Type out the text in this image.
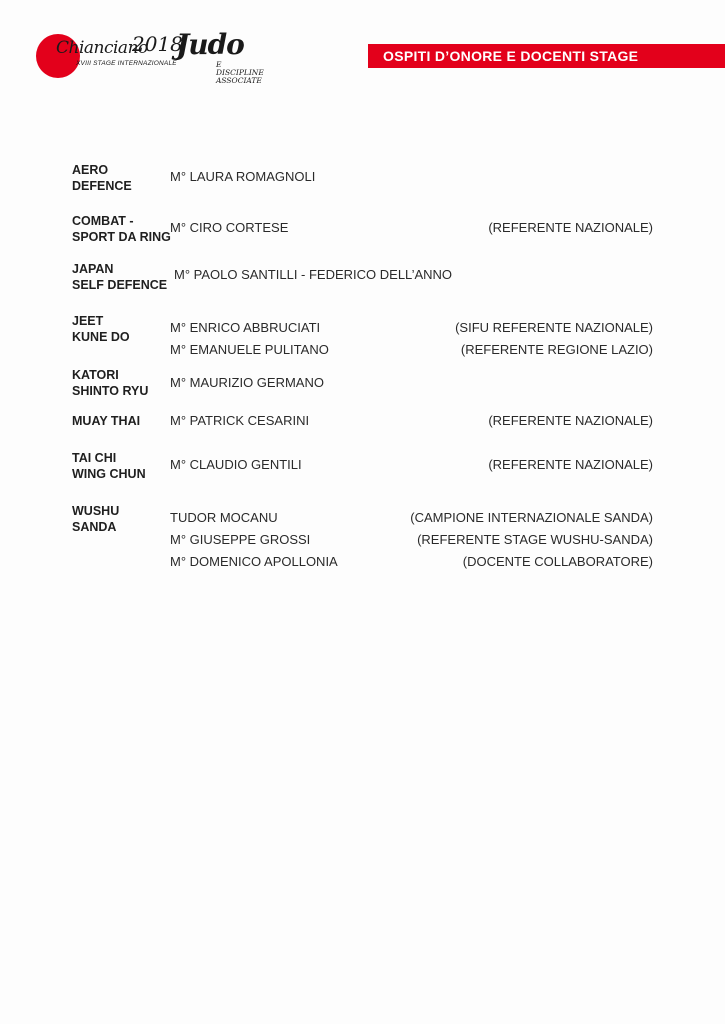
Chianciano
2018
XVIII STAGE INTERNAZIONALE
Judo
E DISCIPLINE ASSOCIATE
OSPITI D’ONORE E DOCENTI STAGE
AERO
DEFENCE
M° LAURA ROMAGNOLI
COMBAT -
SPORT DA RING
M° CIRO CORTESE	(REFERENTE NAZIONALE)
JAPAN
SELF DEFENCE
M° PAOLO SANTILLI - FEDERICO DELL’ANNO
JEET
KUNE DO
M° ENRICO ABBRUCIATI	(SIFU REFERENTE NAZIONALE)
M° EMANUELE PULITANO	(REFERENTE REGIONE LAZIO)
KATORI
SHINTO RYU
M° MAURIZIO GERMANO
MUAY THAI M° PATRICK CESARINI	(REFERENTE NAZIONALE)
TAI CHI
WING CHUN
M° CLAUDIO GENTILI	(REFERENTE NAZIONALE)
WUSHU
SANDA
TUDOR MOCANU	(CAMPIONE INTERNAZIONALE SANDA)
M° GIUSEPPE GROSSI	(REFERENTE STAGE WUSHU-SANDA)
M° DOMENICO APOLLONIA	(DOCENTE COLLABORATORE)
